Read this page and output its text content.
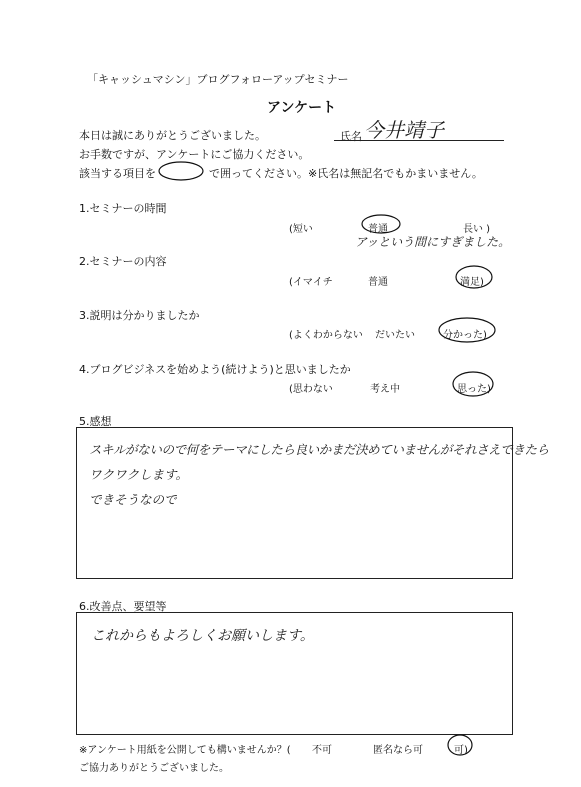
「キャッシュマシン」ブログフォローアップセミナー
アンケート
本日は誠にありがとうございました。
お手数ですが、アンケートにご協力ください。
該当する項目を	で囲ってください。※氏名は無記名でもかまいません。
氏名 今井靖子
1.セミナーの時間
(短い	普通	長い )
アッという間にすぎました。
2.セミナーの内容
(イマイチ	普通	満足)
3.説明は分かりましたか
(よくわからない だいたい	分かった)
4.ブログビジネスを始めよう(続けよう)と思いましたか
(思わない	考え中	思った)
5.感想
スキルがないので何をテーマにしたら良いかまだ決めていませんがそれさえできたら
ワクワクします。
できそうなので
6.改善点、要望等
これからもよろしくお願いします。
※アンケート用紙を公開しても構いませんか？( 不可	匿名なら可	可)
ご協力ありがとうございました。
